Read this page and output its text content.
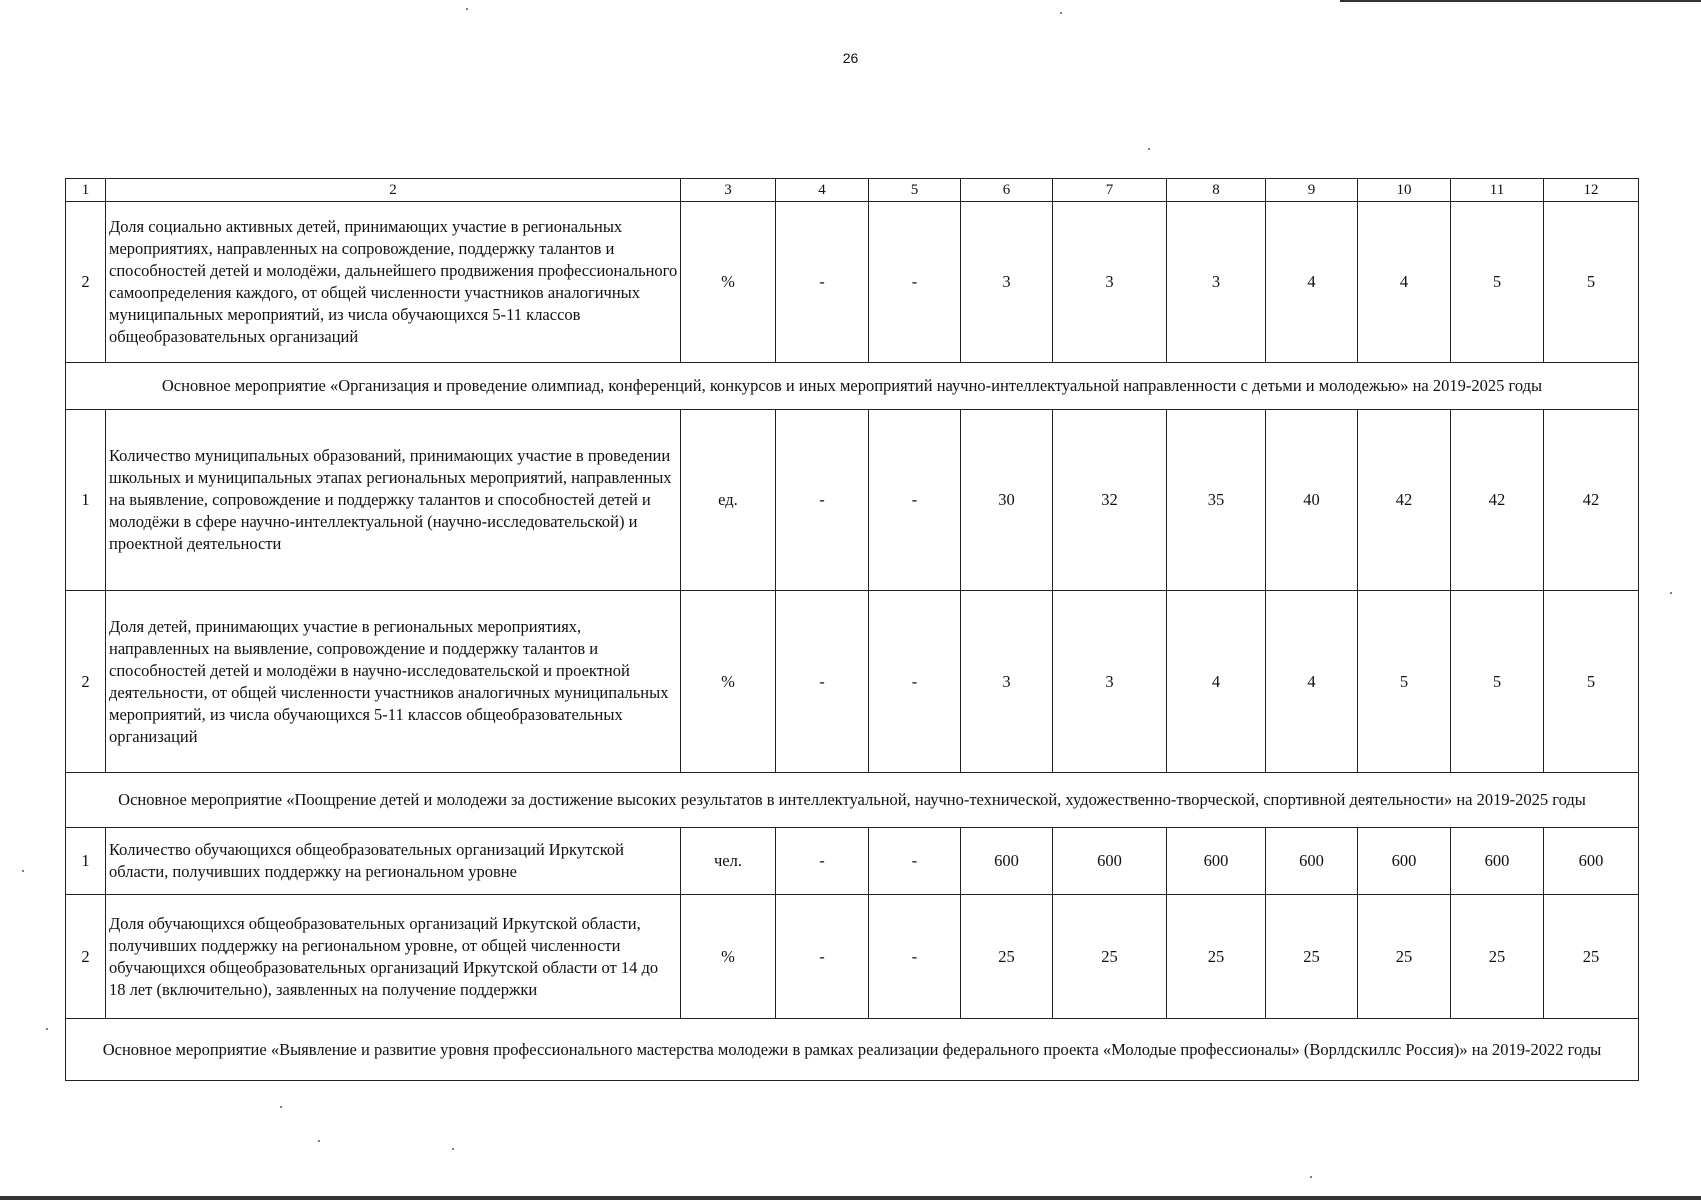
26
1	2	3	4	5	6	7	8	9	10	11	12
2	Доля социально активных детей, принимающих участие в региональных мероприятиях, направленных на сопровождение, поддержку талантов и способностей детей и молодёжи, дальнейшего продвижения профессионального самоопределения каждого, от общей численности участников аналогичных муниципальных мероприятий, из числа обучающихся 5-11 классов общеобразовательных организаций	%	-	-	3	3	3	4	4	5	5
Основное мероприятие «Организация и проведение олимпиад, конференций, конкурсов и иных мероприятий научно-интеллектуальной направленности с детьми и молодежью» на 2019-2025 годы											
1	Количество муниципальных образований, принимающих участие в проведении школьных и муниципальных этапах региональных мероприятий, направленных на выявление, сопровождение и поддержку талантов и способностей детей и молодёжи в сфере научно-интеллектуальной (научно-исследовательской) и проектной деятельности	ед.	-	-	30	32	35	40	42	42	42
2	Доля детей, принимающих участие в региональных мероприятиях, направленных на выявление, сопровождение и поддержку талантов и способностей детей и молодёжи в научно-исследовательской и проектной деятельности, от общей численности участников аналогичных муниципальных мероприятий, из числа обучающихся 5-11 классов общеобразовательных организаций	%	-	-	3	3	4	4	5	5	5
Основное мероприятие «Поощрение детей и молодежи за достижение высоких результатов в интеллектуальной, научно-технической, художественно-творческой, спортивной деятельности» на 2019-2025 годы											
1	Количество обучающихся общеобразовательных организаций Иркутской области, получивших поддержку на региональном уровне	чел.	-	-	600	600	600	600	600	600	600
2	Доля обучающихся общеобразовательных организаций Иркутской области, получивших поддержку на региональном уровне, от общей численности обучающихся общеобразовательных организаций Иркутской области от 14 до 18 лет (включительно), заявленных на получение поддержки	%	-	-	25	25	25	25	25	25	25
Основное мероприятие «Выявление и развитие уровня профессионального мастерства молодежи в рамках реализации федерального проекта «Молодые профессионалы» (Ворлдскиллс Россия)» на 2019-2022 годы											
